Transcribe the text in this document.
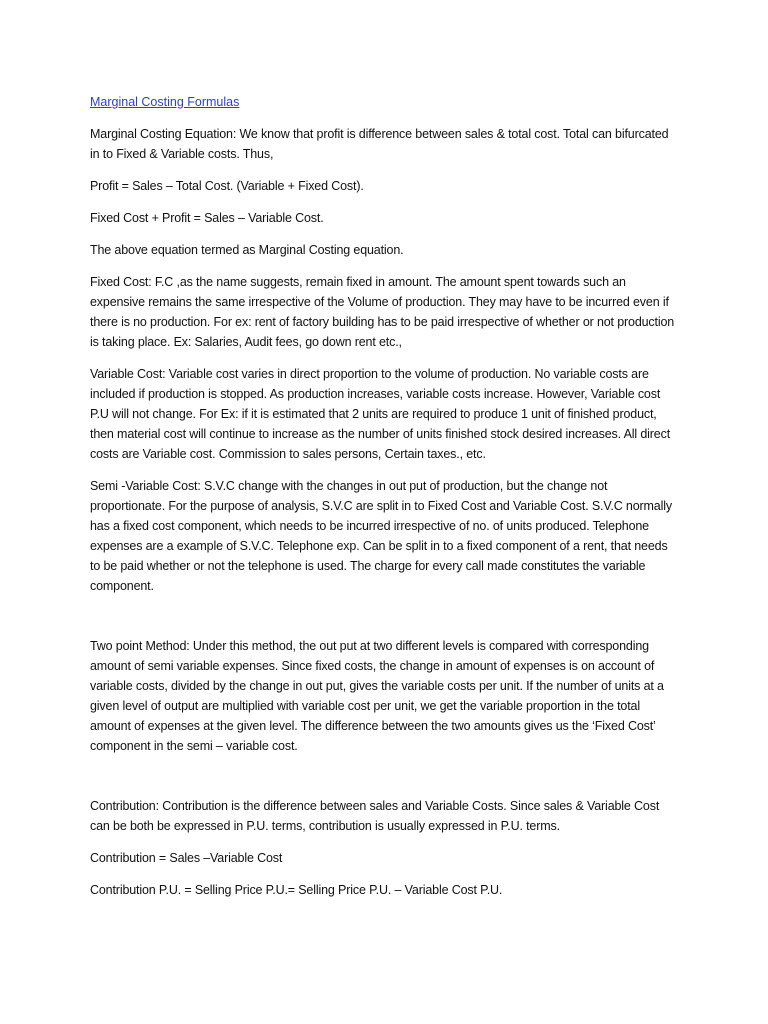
Marginal Costing Formulas

Marginal Costing Equation: We know that profit is difference between sales & total cost. Total can bifurcated in to Fixed & Variable costs. Thus,

Profit = Sales – Total Cost. (Variable + Fixed Cost).

Fixed Cost + Profit = Sales – Variable Cost.

The above equation termed as Marginal Costing equation.

Fixed Cost: F.C ,as the name suggests, remain fixed in amount. The amount spent towards such an expensive remains the same irrespective of the Volume of production. They may have to be incurred even if there is no production. For ex: rent of factory building has to be paid irrespective of whether or not production is taking place. Ex: Salaries, Audit fees, go down rent etc.,

Variable Cost: Variable cost varies in direct proportion to the volume of production. No variable costs are included if production is stopped. As production increases, variable costs increase. However, Variable cost P.U will not change. For Ex: if it is estimated that 2 units are required to produce 1 unit of finished product, then material cost will continue to increase as the number of units finished stock desired increases. All direct costs are Variable cost. Commission to sales persons, Certain taxes., etc.

Semi -Variable Cost: S.V.C change with the changes in out put of production, but the change not proportionate. For the purpose of analysis, S.V.C are split in to Fixed Cost and Variable Cost. S.V.C normally has a fixed cost component, which needs to be incurred irrespective of no. of units produced. Telephone expenses are a example of S.V.C. Telephone exp. Can be split in to a fixed component of a rent, that needs to be paid whether or not the telephone is used. The charge for every call made constitutes the variable component.

Two point Method: Under this method, the out put at two different levels is compared with corresponding amount of semi variable expenses. Since fixed costs, the change in amount of expenses is on account of variable costs, divided by the change in out put, gives the variable costs per unit. If the number of units at a given level of output are multiplied with variable cost per unit, we get the variable proportion in the total amount of expenses at the given level. The difference between the two amounts gives us the ‘Fixed Cost’ component in the semi – variable cost.

Contribution: Contribution is the difference between sales and Variable Costs. Since sales & Variable Cost can be both be expressed in P.U. terms, contribution is usually expressed in P.U. terms.

Contribution = Sales –Variable Cost

Contribution P.U. = Selling Price P.U.= Selling Price P.U. – Variable Cost P.U.
